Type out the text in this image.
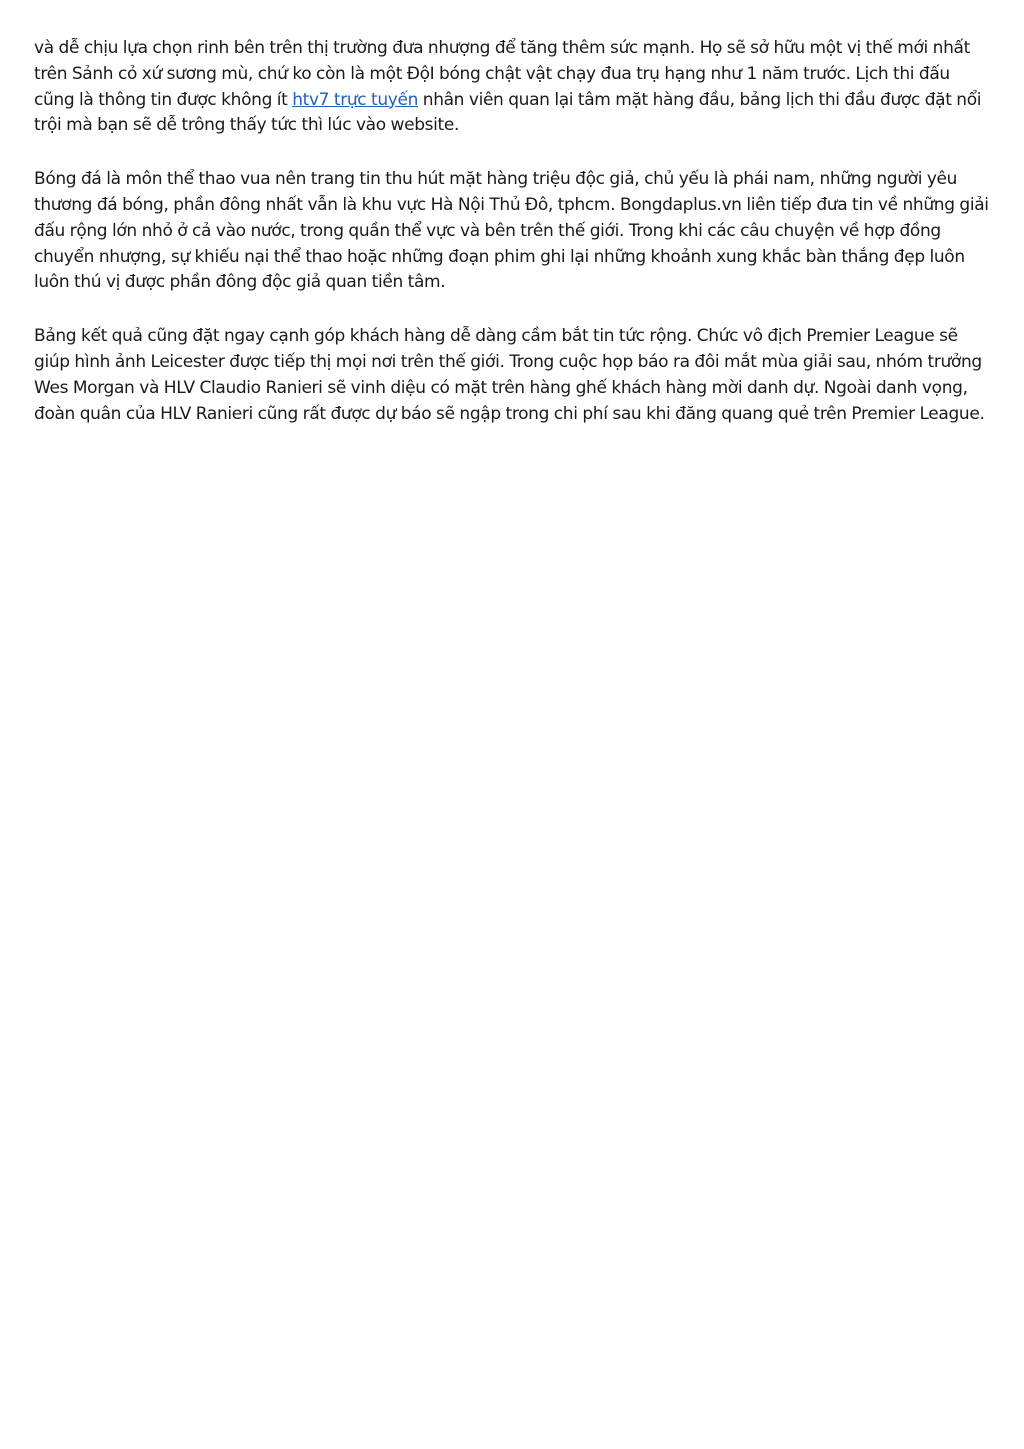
và dễ chịu lựa chọn rinh bên trên thị trường đưa nhượng để tăng thêm sức mạnh. Họ sẽ sở hữu một vị thế mới nhất trên Sảnh cỏ xứ sương mù, chứ ko còn là một ĐộI bóng chật vật chạy đua trụ hạng như 1 năm trước. Lịch thi đấu cũng là thông tin được không ít htv7 trực tuyến nhân viên quan lại tâm mặt hàng đầu, bảng lịch thi đầu được đặt nổi trội mà bạn sẽ dễ trông thấy tức thì lúc vào website.

Bóng đá là môn thể thao vua nên trang tin thu hút mặt hàng triệu độc giả, chủ yếu là phái nam, những người yêu thương đá bóng, phần đông nhất vẫn là khu vực Hà Nội Thủ Đô, tphcm. Bongdaplus.vn liên tiếp đưa tin về những giải đấu rộng lớn nhỏ ở cả vào nước, trong quần thể vực và bên trên thế giới. Trong khi các câu chuyện về hợp đồng chuyển nhượng, sự khiếu nại thể thao hoặc những đoạn phim ghi lại những khoảnh xung khắc bàn thắng đẹp luôn luôn thú vị được phần đông độc giả quan tiền tâm.

Bảng kết quả cũng đặt ngay cạnh góp khách hàng dễ dàng cầm bắt tin tức rộng. Chức vô địch Premier League sẽ giúp hình ảnh Leicester được tiếp thị mọi nơi trên thế giới. Trong cuộc họp báo ra đôi mắt mùa giải sau, nhóm trưởng Wes Morgan và HLV Claudio Ranieri sẽ vinh diệu có mặt trên hàng ghế khách hàng mời danh dự. Ngoài danh vọng, đoàn quân của HLV Ranieri cũng rất được dự báo sẽ ngập trong chi phí sau khi đăng quang quẻ trên Premier League.
